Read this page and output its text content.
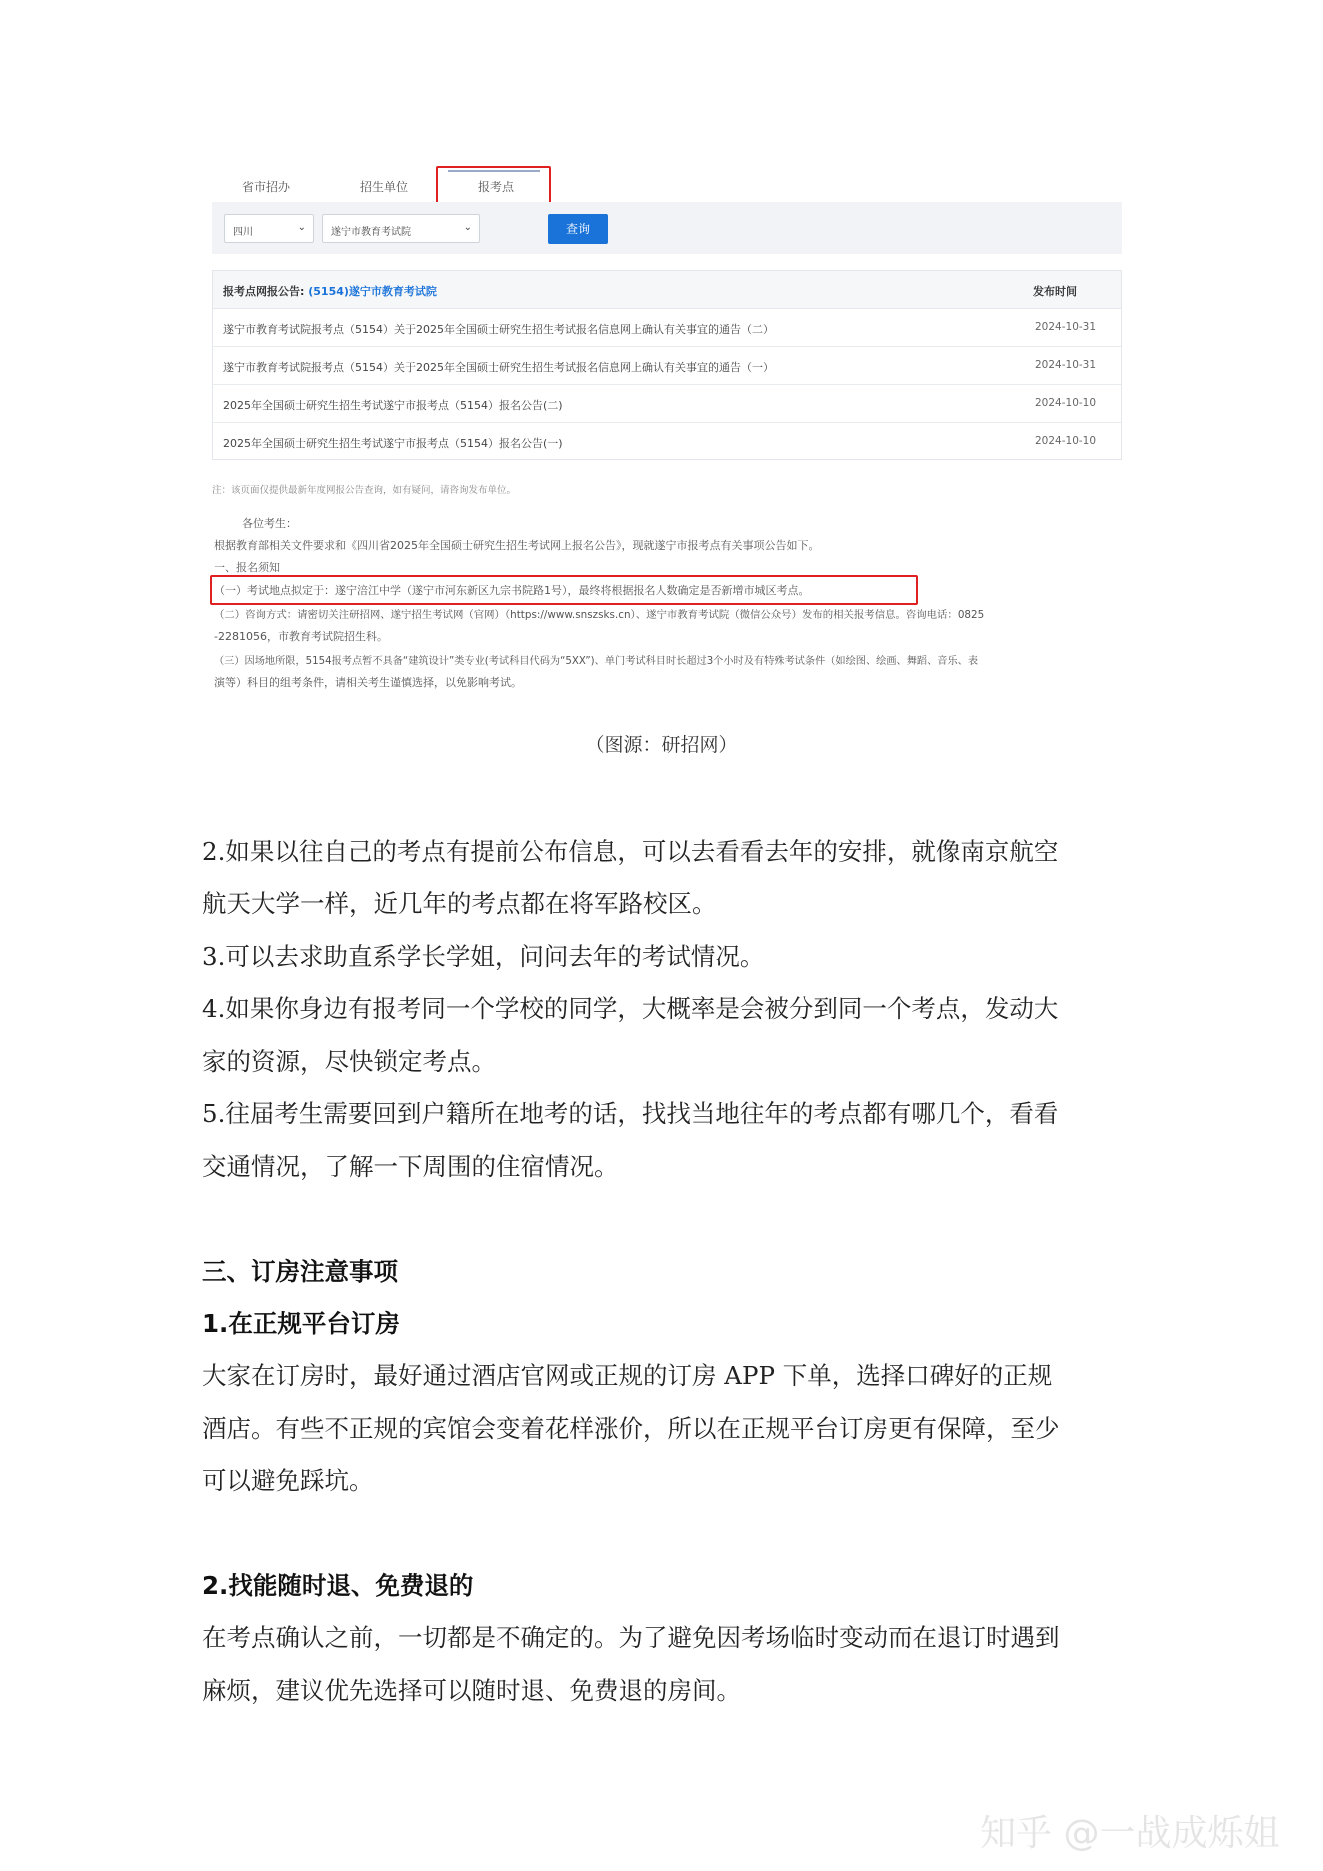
省市招办	招生单位	报考点
四川	⌄	遂宁市教育考试院	⌄	查询
报考点网报公告: (5154)遂宁市教育考试院	发布时间
遂宁市教育考试院报考点（5154）关于2025年全国硕士研究生招生考试报名信息网上确认有关事宜的通告（二）	2024-10-31
遂宁市教育考试院报考点（5154）关于2025年全国硕士研究生招生考试报名信息网上确认有关事宜的通告（一）	2024-10-31
2025年全国硕士研究生招生考试遂宁市报考点（5154）报名公告(二)	2024-10-10
2025年全国硕士研究生招生考试遂宁市报考点（5154）报名公告(一)	2024-10-10
注：该页面仅提供最新年度网报公告查询，如有疑问，请咨询发布单位。
各位考生：
根据教育部相关文件要求和《四川省2025年全国硕士研究生招生考试网上报名公告》，现就遂宁市报考点有关事项公告如下。
一、报名须知
（一）考试地点拟定于：遂宁涪江中学（遂宁市河东新区九宗书院路1号），最终将根据报名人数确定是否新增市城区考点。
（二）咨询方式：请密切关注研招网、遂宁招生考试网（官网）（https://www.snszsks.cn）、遂宁市教育考试院（微信公众号）发布的相关报考信息。咨询电话：0825
-2281056，市教育考试院招生科。
（三）因场地所限，5154报考点暂不具备“建筑设计”类专业(考试科目代码为“5XX”)、单门考试科目时长超过3个小时及有特殊考试条件（如绘图、绘画、舞蹈、音乐、表
演等）科目的组考条件，请相关考生谨慎选择，以免影响考试。
（图源：研招网）
2.如果以往自己的考点有提前公布信息，可以去看看去年的安排，就像南京航空
航天大学一样，近几年的考点都在将军路校区。
3.可以去求助直系学长学姐，问问去年的考试情况。
4.如果你身边有报考同一个学校的同学，大概率是会被分到同一个考点，发动大
家的资源，尽快锁定考点。
5.往届考生需要回到户籍所在地考的话，找找当地往年的考点都有哪几个，看看
交通情况，了解一下周围的住宿情况。
三、订房注意事项
1.在正规平台订房
大家在订房时，最好通过酒店官网或正规的订房 APP 下单，选择口碑好的正规
酒店。有些不正规的宾馆会变着花样涨价，所以在正规平台订房更有保障，至少
可以避免踩坑。
2.找能随时退、免费退的
在考点确认之前，一切都是不确定的。为了避免因考场临时变动而在退订时遇到
麻烦，建议优先选择可以随时退、免费退的房间。
知乎 @一战成烁姐
